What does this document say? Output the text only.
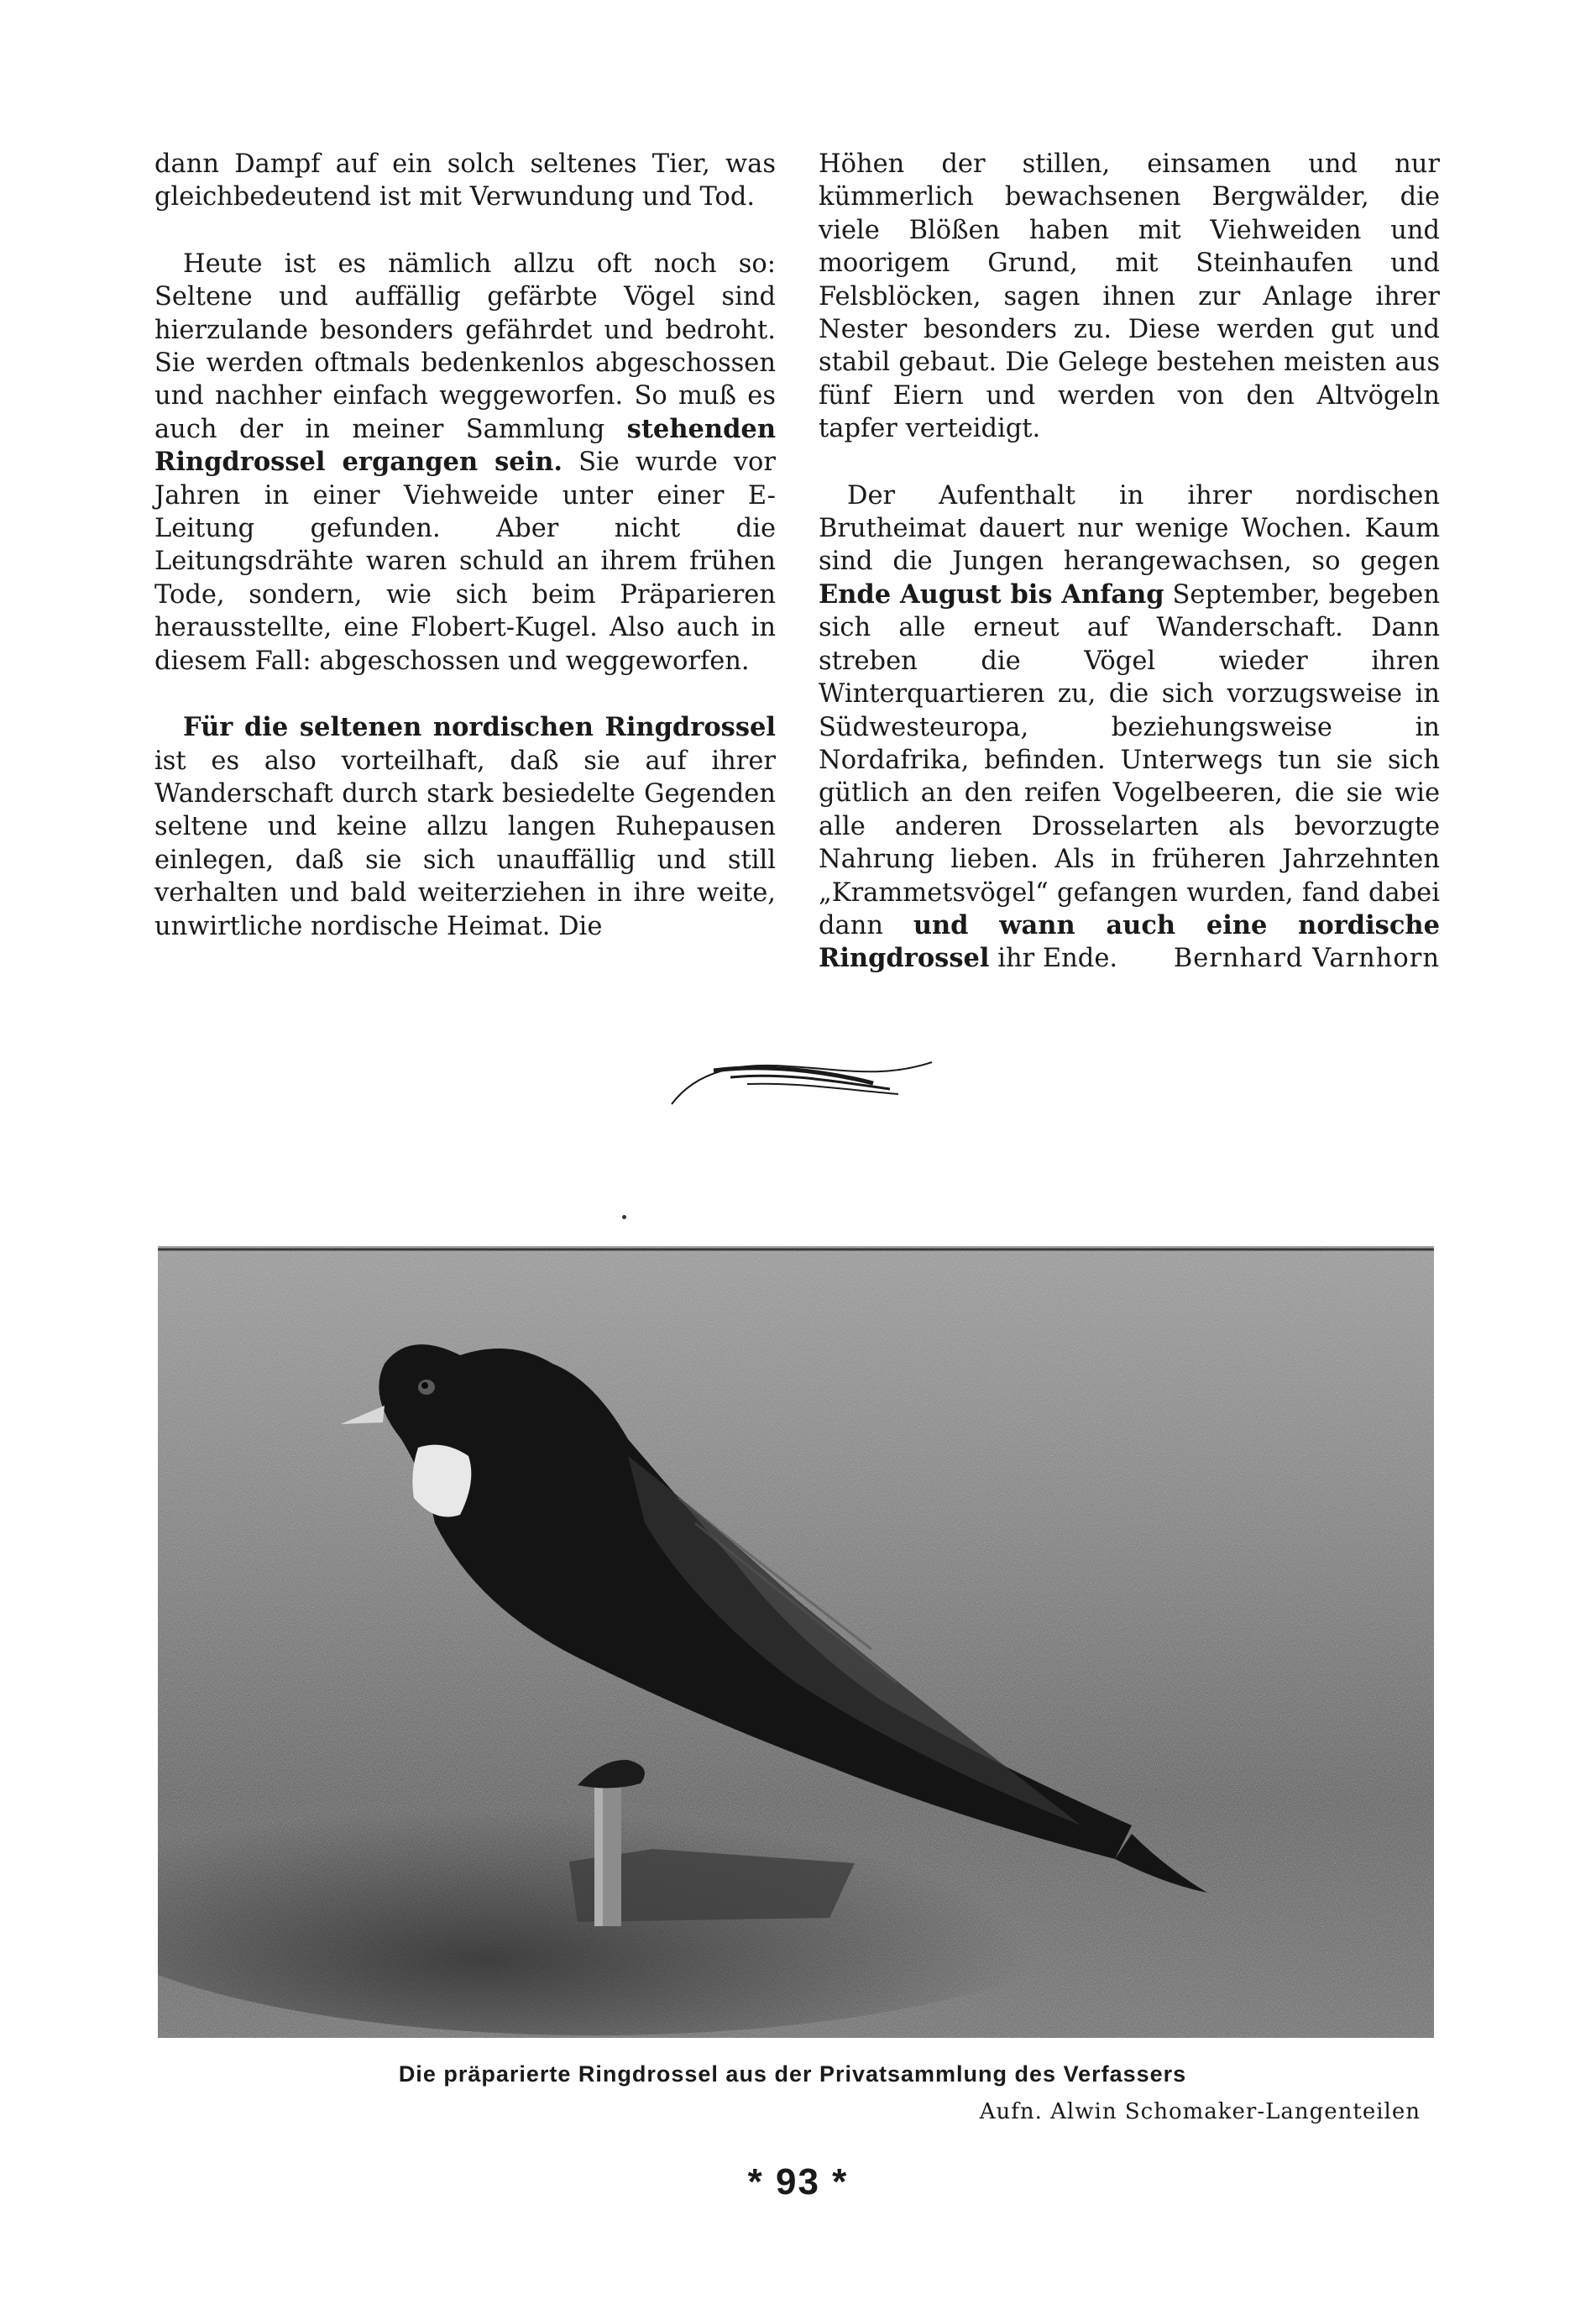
dann Dampf auf ein solch seltenes Tier, was gleichbedeutend ist mit Verwundung und Tod.

Heute ist es nämlich allzu oft noch so: Seltene und auffällig gefärbte Vögel sind hierzulande besonders gefährdet und bedroht. Sie werden oftmals bedenkenlos abgeschossen und nachher einfach weggeworfen. So muß es auch der in meiner Sammlung stehenden Ringdrossel ergangen sein. Sie wurde vor Jahren in einer Viehweide unter einer E-Leitung gefunden. Aber nicht die Leitungsdrähte waren schuld an ihrem frühen Tode, sondern, wie sich beim Präparieren herausstellte, eine Flobert-Kugel. Also auch in diesem Fall: abgeschossen und weggeworfen.

Für die seltenen nordischen Ringdrossel ist es also vorteilhaft, daß sie auf ihrer Wanderschaft durch stark besiedelte Gegenden seltene und keine allzu langen Ruhepausen einlegen, daß sie sich unauffällig und still verhalten und bald weiterziehen in ihre weite, unwirtliche nordische Heimat. Die

Höhen der stillen, einsamen und nur kümmerlich bewachsenen Bergwälder, die viele Blößen haben mit Viehweiden und moorigem Grund, mit Steinhaufen und Felsblöcken, sagen ihnen zur Anlage ihrer Nester besonders zu. Diese werden gut und stabil gebaut. Die Gelege bestehen meisten aus fünf Eiern und werden von den Altvögeln tapfer verteidigt.

Der Aufenthalt in ihrer nordischen Brutheimat dauert nur wenige Wochen. Kaum sind die Jungen herangewachsen, so gegen Ende August bis Anfang September, begeben sich alle erneut auf Wanderschaft. Dann streben die Vögel wieder ihren Winterquartieren zu, die sich vorzugsweise in Südwesteuropa, beziehungsweise in Nordafrika, befinden. Unterwegs tun sie sich gütlich an den reifen Vogelbeeren, die sie wie alle anderen Drosselarten als bevorzugte Nahrung lieben. Als in früheren Jahrzehnten „Krammetsvögel“ gefangen wurden, fand dabei dann und wann auch eine nordische Ringdrossel ihr Ende.	Bernhard Varnhorn

Die präparierte Ringdrossel aus der Privatsammlung des Verfassers
Aufn. Alwin Schomaker-Langenteilen
* 93 *
